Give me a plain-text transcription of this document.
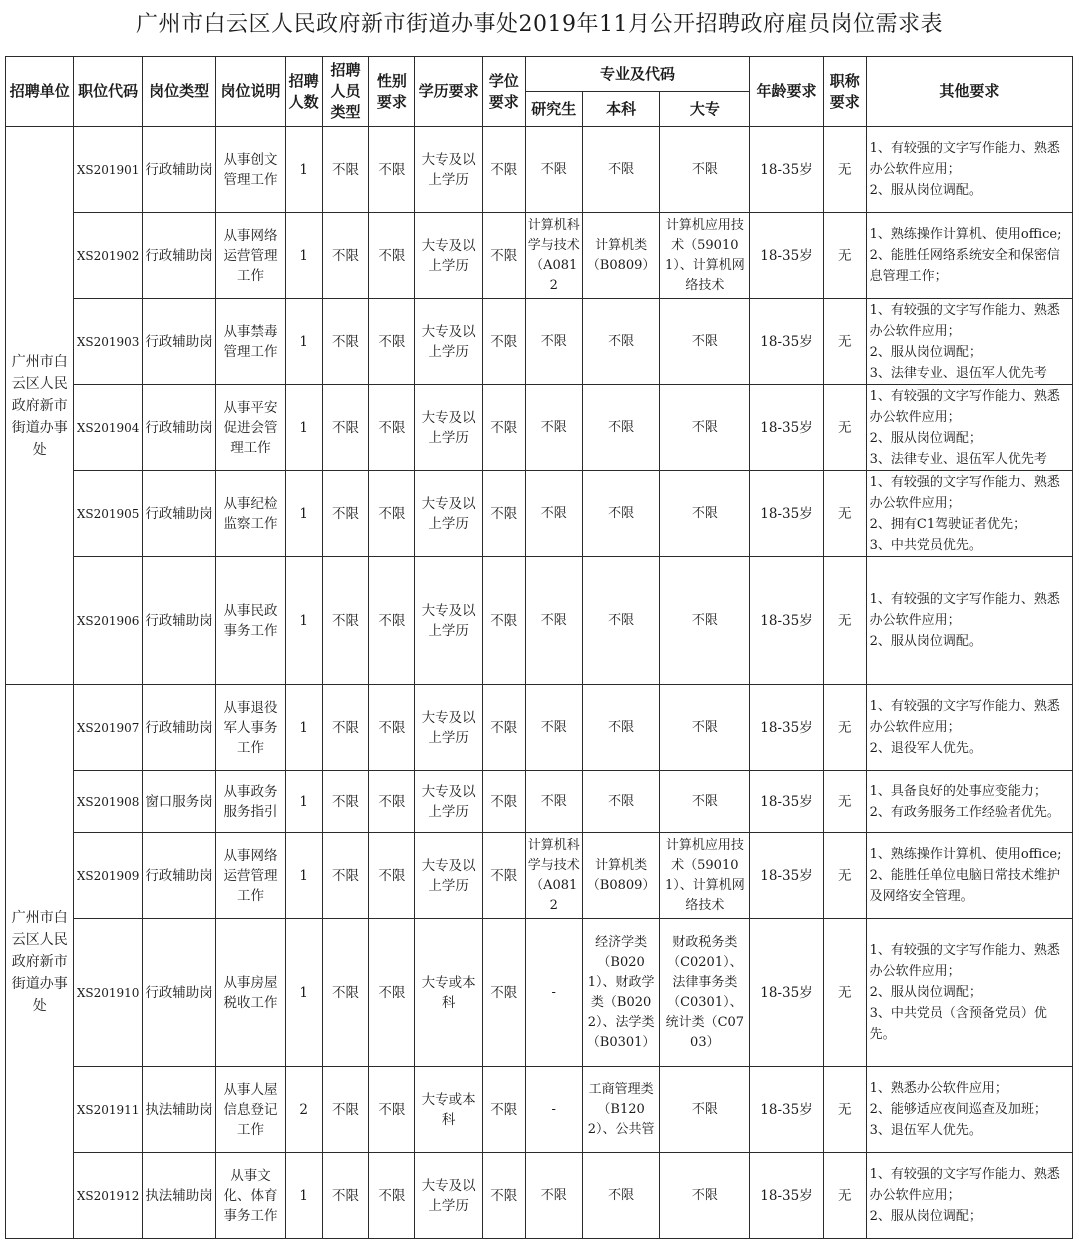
广州市白云区人民政府新市街道办事处2019年11月公开招聘政府雇员岗位需求表
招聘单位	职位代码	岗位类型	岗位说明	招聘人数	招聘人员类型	性别要求	学历要求	学位要求	专业及代码			年龄要求	职称要求	其他要求
									研究生	本科	大专			
广州市白云区人民政府新市街道办事处	XS201901	行政辅助岗	从事创文管理工作	1	不限	不限	大专及以上学历	不限	不限	不限	不限	18-35岁	无	1、有较强的文字写作能力、熟悉办公软件应用；
2、服从岗位调配。

	XS201902	行政辅助岗	从事网络运营管理工作	1	不限	不限	大专及以上学历	不限	计算机科学与技术（A0812	计算机类（B0809）	计算机应用技术（590101）、计算机网络技术	18-35岁	无	1、熟练操作计算机、使用office;
2、能胜任网络系统安全和保密信息管理工作；

	XS201903	行政辅助岗	从事禁毒管理工作	1	不限	不限	大专及以上学历	不限	不限	不限	不限	18-35岁	无	1、有较强的文字写作能力、熟悉办公软件应用；
2、服从岗位调配；
3、法律专业、退伍军人优先考

	XS201904	行政辅助岗	从事平安促进会管理工作	1	不限	不限	大专及以上学历	不限	不限	不限	不限	18-35岁	无	1、有较强的文字写作能力、熟悉办公软件应用；
2、服从岗位调配；
3、法律专业、退伍军人优先考

	XS201905	行政辅助岗	从事纪检监察工作	1	不限	不限	大专及以上学历	不限	不限	不限	不限	18-35岁	无	1、有较强的文字写作能力、熟悉办公软件应用；
2、拥有C1驾驶证者优先；
3、中共党员优先。

	XS201906	行政辅助岗	从事民政事务工作	1	不限	不限	大专及以上学历	不限	不限	不限	不限	18-35岁	无	1、有较强的文字写作能力、熟悉办公软件应用；
2、服从岗位调配。

广州市白云区人民政府新市街道办事处	XS201907	行政辅助岗	从事退役军人事务工作	1	不限	不限	大专及以上学历	不限	不限	不限	不限	18-35岁	无	1、有较强的文字写作能力、熟悉办公软件应用；
2、退役军人优先。

	XS201908	窗口服务岗	从事政务服务指引	1	不限	不限	大专及以上学历	不限	不限	不限	不限	18-35岁	无	1、具备良好的处事应变能力；
2、有政务服务工作经验者优先。

	XS201909	行政辅助岗	从事网络运营管理工作	1	不限	不限	大专及以上学历	不限	计算机科学与技术（A0812	计算机类（B0809）	计算机应用技术（590101）、计算机网络技术	18-35岁	无	1、熟练操作计算机、使用office;
2、能胜任单位电脑日常技术维护及网络安全管理。

	XS201910	行政辅助岗	从事房屋税收工作	1	不限	不限	大专或本科	不限	-	经济学类（B0201）、财政学类（B0202）、法学类（B0301）	财政税务类（C0201）、法律事务类（C0301）、统计类（C0703）	18-35岁	无	1、有较强的文字写作能力、熟悉办公软件应用；
2、服从岗位调配；
3、中共党员（含预备党员）优先。

	XS201911	执法辅助岗	从事人屋信息登记工作	2	不限	不限	大专或本科	不限	-	工商管理类（B1202）、公共管	不限	18-35岁	无	1、熟悉办公软件应用；
2、能够适应夜间巡查及加班；
3、退伍军人优先。

	XS201912	执法辅助岗	从事文化、体育事务工作	1	不限	不限	大专及以上学历	不限	不限	不限	不限	18-35岁	无	1、有较强的文字写作能力、熟悉办公软件应用；
2、服从岗位调配；
